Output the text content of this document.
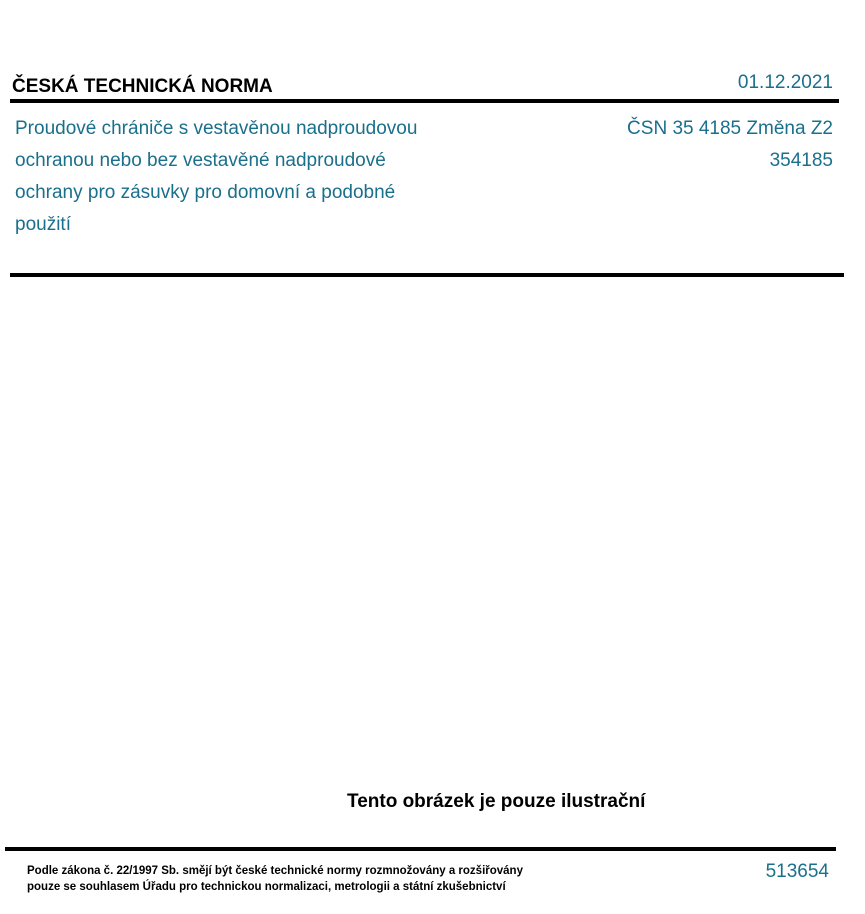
ČESKÁ TECHNICKÁ NORMA	01.12.2021
Proudové chrániče s vestavěnou nadproudovou
ochranou nebo bez vestavěné nadproudové
ochrany pro zásuvky pro domovní a podobné
použití
ČSN 35 4185 Změna Z2
354185
Tento obrázek je pouze ilustrační
Podle zákona č. 22/1997 Sb. smějí být české technické normy rozmnožovány a rozšiřovány
pouze se souhlasem Úřadu pro technickou normalizaci, metrologii a státní zkušebnictví
513654
